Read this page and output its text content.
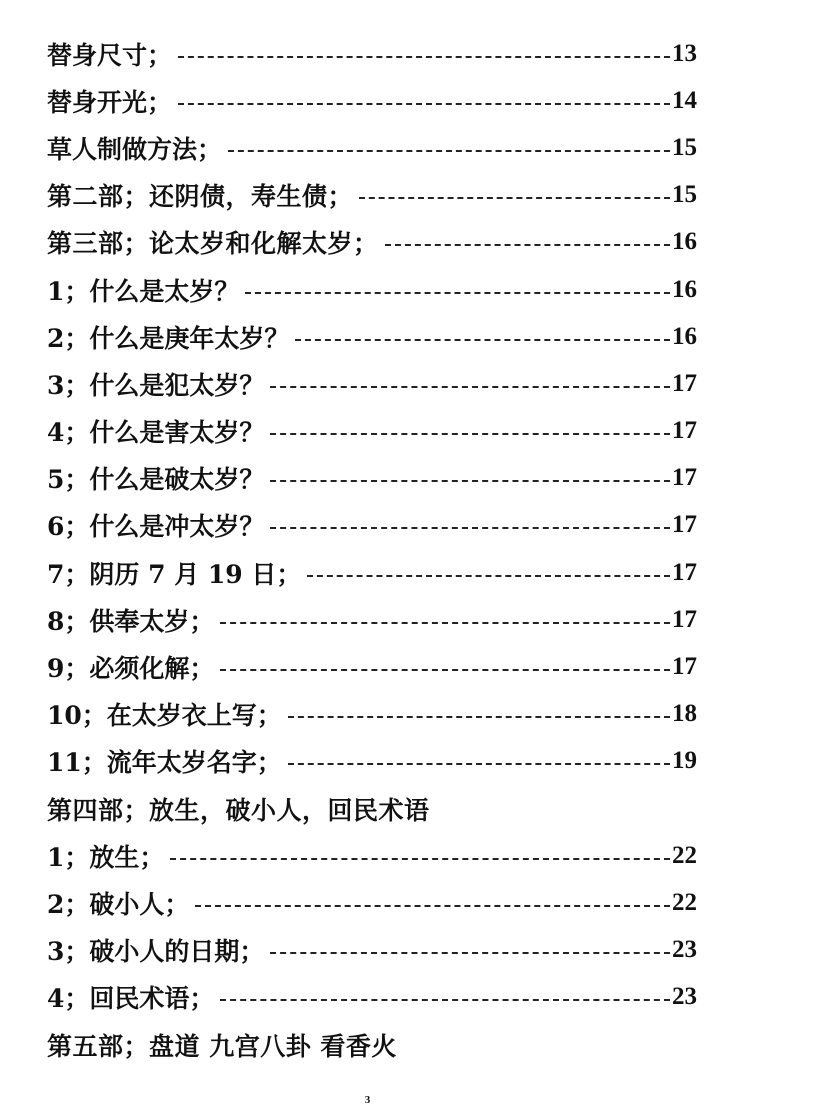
替身尺寸；	13
替身开光；	14
草人制做方法；	15
第二部；还阴债，寿生债；	15
第三部；论太岁和化解太岁；	16
1；什么是太岁？	16
2；什么是庚年太岁？	16
3；什么是犯太岁？	17
4；什么是害太岁？	17
5；什么是破太岁？	17
6；什么是冲太岁？	17
7；阴历 7 月 19 日；	17
8；供奉太岁；	17
9；必须化解；	17
10；在太岁衣上写；	18
11；流年太岁名字；	19
第四部；放生，破小人，回民术语
1；放生；	22
2；破小人；	22
3；破小人的日期；	23
4；回民术语；	23
第五部；盘道 九宫八卦 看香火
3
